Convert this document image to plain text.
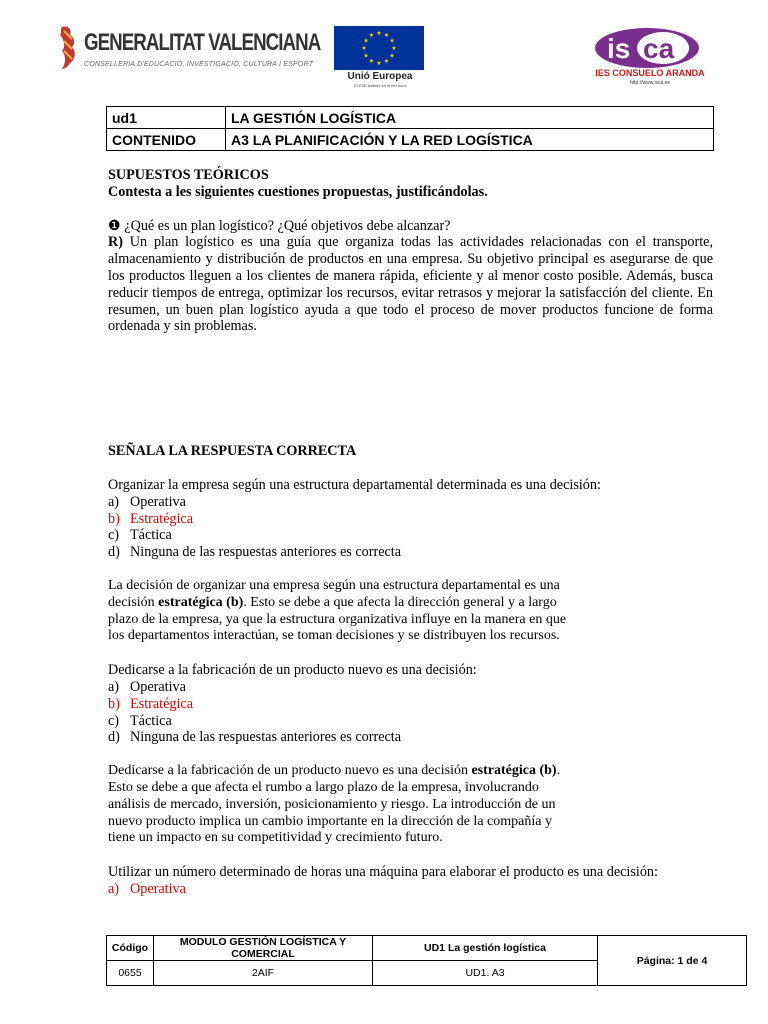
GENERALITAT VALENCIANA
CONSELLERIA D'EDUCACIÓ, INVESTIGACIÓ, CULTURA I ESPORT
Unió Europea
El FSE invertix en el teu futur
is ca
IES CONSUELO ARANDA
http://www.isca.es
ud1	LA GESTIÓN LOGÍSTICA
CONTENIDO	A3 LA PLANIFICACIÓN Y LA RED LOGÍSTICA

SUPUESTOS TEÓRICOS

Contesta a les siguientes cuestiones propuestas, justificándolas.

❶ ¿Qué es un plan logístico? ¿Qué objetivos debe alcanzar?

R) Un plan logístico es una guía que organiza todas las actividades relacionadas con el transporte, almacenamiento y distribución de productos en una empresa. Su objetivo principal es asegurarse de que los productos lleguen a los clientes de manera rápida, eficiente y al menor costo posible. Además, busca reducir tiempos de entrega, optimizar los recursos, evitar retrasos y mejorar la satisfacción del cliente. En resumen, un buen plan logístico ayuda a que todo el proceso de mover productos funcione de forma ordenada y sin problemas.

SEÑALA LA RESPUESTA CORRECTA

Organizar la empresa según una estructura departamental determinada es una decisión:

a) Operativa
b) Estratégica
c) Táctica
d) Ninguna de las respuestas anteriores es correcta

La decisión de organizar una empresa según una estructura departamental es una

decisión estratégica (b). Esto se debe a que afecta la dirección general y a largo

plazo de la empresa, ya que la estructura organizativa influye en la manera en que

los departamentos interactúan, se toman decisiones y se distribuyen los recursos.

Dedicarse a la fabricación de un producto nuevo es una decisión:

a) Operativa
b) Estratégica
c) Táctica
d) Ninguna de las respuestas anteriores es correcta

Dedicarse a la fabricación de un producto nuevo es una decisión estratégica (b).

Esto se debe a que afecta el rumbo a largo plazo de la empresa, involucrando

análisis de mercado, inversión, posicionamiento y riesgo. La introducción de un

nuevo producto implica un cambio importante en la dirección de la compañía y

tiene un impacto en su competitividad y crecimiento futuro.

Utilizar un número determinado de horas una máquina para elaborar el producto es una decisión:

a) Operativa
Código	MODULO GESTIÓN LOGÍSTICA Y COMERCIAL	UD1 La gestión logística	Página: 1 de 4
0655	2AIF	UD1. A3	
